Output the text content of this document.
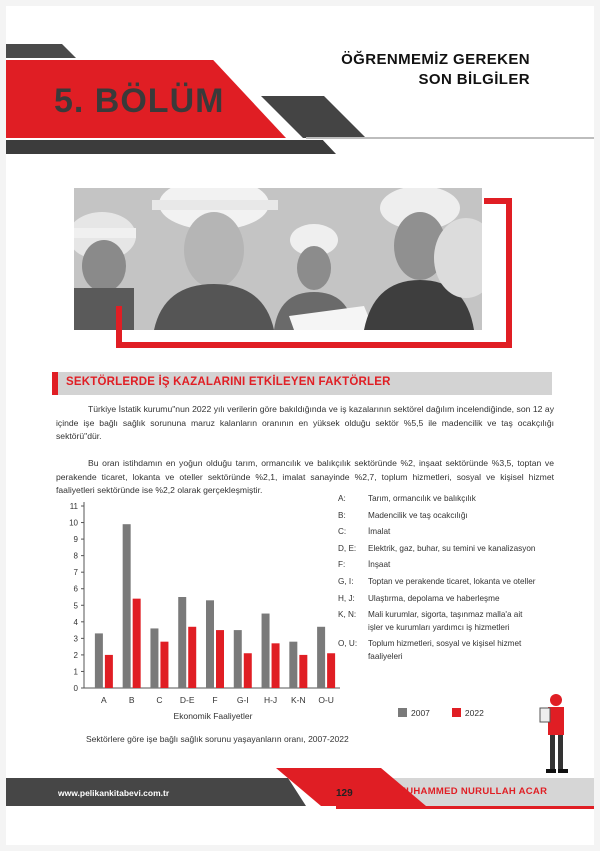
5. BÖLÜM
ÖĞRENMEMİZ GEREKEN
SON BİLGİLER
SEKTÖRLERDE İŞ KAZALARINI ETKİLEYEN FAKTÖRLER
Türkiye İstatik kurumu"nun 2022 yılı verilerin göre bakıldığında ve iş kazalarının sektörel dağılım incelendiğinde, son 12 ay içinde işe bağlı sağlık sorununa maruz kalanların oranının en yüksek olduğu sektör %5,5 ile madencilik ve taş ocakçılığı sektörü"dür.
Bu oran istihdamın en yoğun olduğu tarım, ormancılık ve balıkçılık sektöründe %2, inşaat sektöründe %3,5, toptan ve perakende ticaret, lokanta ve oteller sektöründe %2,1, imalat sanayinde %2,7, toplum hizmetleri, sosyal ve kişisel hizmet faaliyetleri sektöründe ise %2,2 olarak gerçekleşmiştir.
0
1
2
3
4
5
6
7
8
9
10
11
A	B	C D-E F G-I H-J K-N O-U
Ekonomik Faaliyetler
A:	Tarım, ormancılık ve balıkçılık
B:	Madencilik ve taş ocakcılığı
C:	İmalat
D, E:	Elektrik, gaz, buhar, su temini ve kanalizasyon
F:	İnşaat
G, I:	Toptan ve perakende ticaret, lokanta ve oteller
H, J:	Ulaştırma, depolama ve haberleşme
K, N:	Mali kurumlar, sigorta, taşınmaz malla'a ait işler ve kurumları yardımcı iş hizmetleri
O, U:	Toplum hizmetleri, sosyal ve kişisel hizmet faaliyeleri
2007	2022
Sektörlere göre işe bağlı sağlık sorunu yaşayanların oranı, 2007-2022
www.pelikankitabevi.com.tr	129	MUHAMMED NURULLAH ACAR
